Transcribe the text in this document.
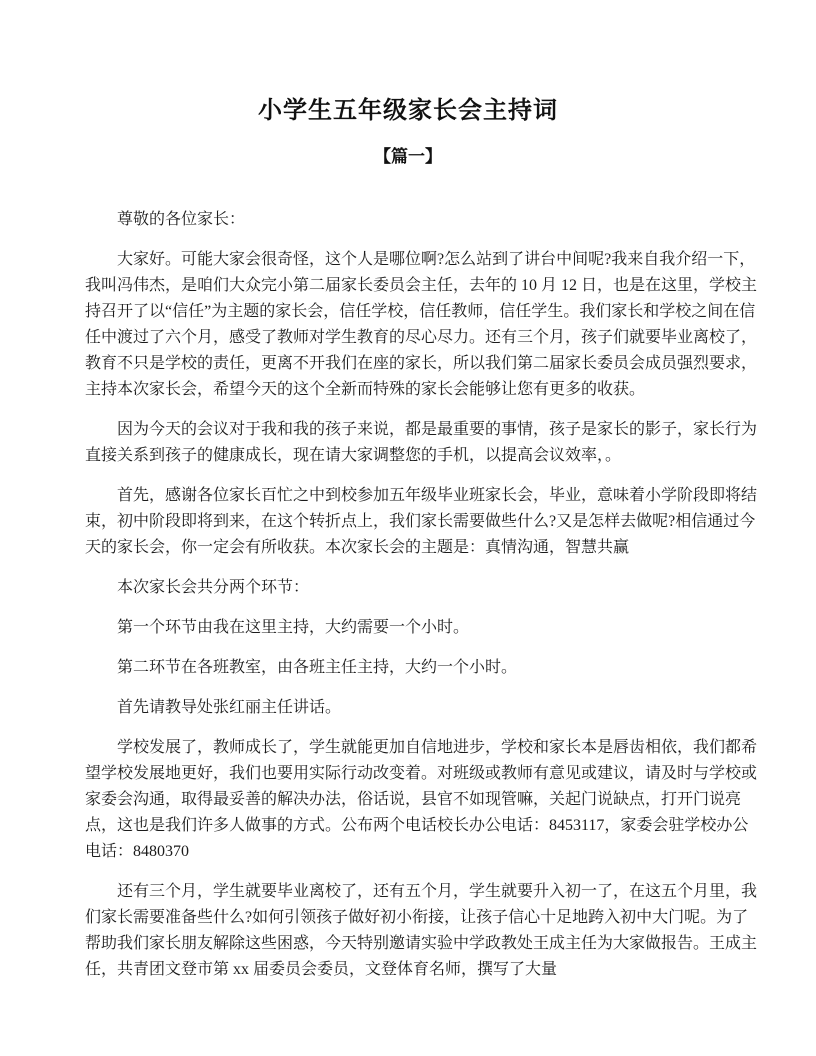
小学生五年级家长会主持词
【篇一】

尊敬的各位家长：

大家好。可能大家会很奇怪，这个人是哪位啊?怎么站到了讲台中间呢?我来自我介绍一下，我叫冯伟杰，是咱们大众完小第二届家长委员会主任，去年的 10 月 12 日，也是在这里，学校主持召开了以“信任”为主题的家长会，信任学校，信任教师，信任学生。我们家长和学校之间在信任中渡过了六个月，感受了教师对学生教育的尽心尽力。还有三个月，孩子们就要毕业离校了，教育不只是学校的责任，更离不开我们在座的家长，所以我们第二届家长委员会成员强烈要求，主持本次家长会，希望今天的这个全新而特殊的家长会能够让您有更多的收获。

因为今天的会议对于我和我的孩子来说，都是最重要的事情，孩子是家长的影子，家长行为直接关系到孩子的健康成长，现在请大家调整您的手机，以提高会议效率，。

首先，感谢各位家长百忙之中到校参加五年级毕业班家长会，毕业，意味着小学阶段即将结束，初中阶段即将到来，在这个转折点上，我们家长需要做些什么?又是怎样去做呢?相信通过今天的家长会，你一定会有所收获。本次家长会的主题是：真情沟通，智慧共赢

本次家长会共分两个环节：

第一个环节由我在这里主持，大约需要一个小时。

第二环节在各班教室，由各班主任主持，大约一个小时。

首先请教导处张红丽主任讲话。

学校发展了，教师成长了，学生就能更加自信地进步，学校和家长本是唇齿相依，我们都希望学校发展地更好，我们也要用实际行动改变着。对班级或教师有意见或建议，请及时与学校或家委会沟通，取得最妥善的解决办法，俗话说，县官不如现管嘛，关起门说缺点，打开门说亮点，这也是我们许多人做事的方式。公布两个电话校长办公电话：8453117，家委会驻学校办公电话：8480370

还有三个月，学生就要毕业离校了，还有五个月，学生就要升入初一了，在这五个月里，我们家长需要准备些什么?如何引领孩子做好初小衔接，让孩子信心十足地跨入初中大门呢。为了帮助我们家长朋友解除这些困惑，今天特别邀请实验中学政教处王成主任为大家做报告。王成主任，共青团文登市第 xx 届委员会委员，文登体育名师，撰写了大量
